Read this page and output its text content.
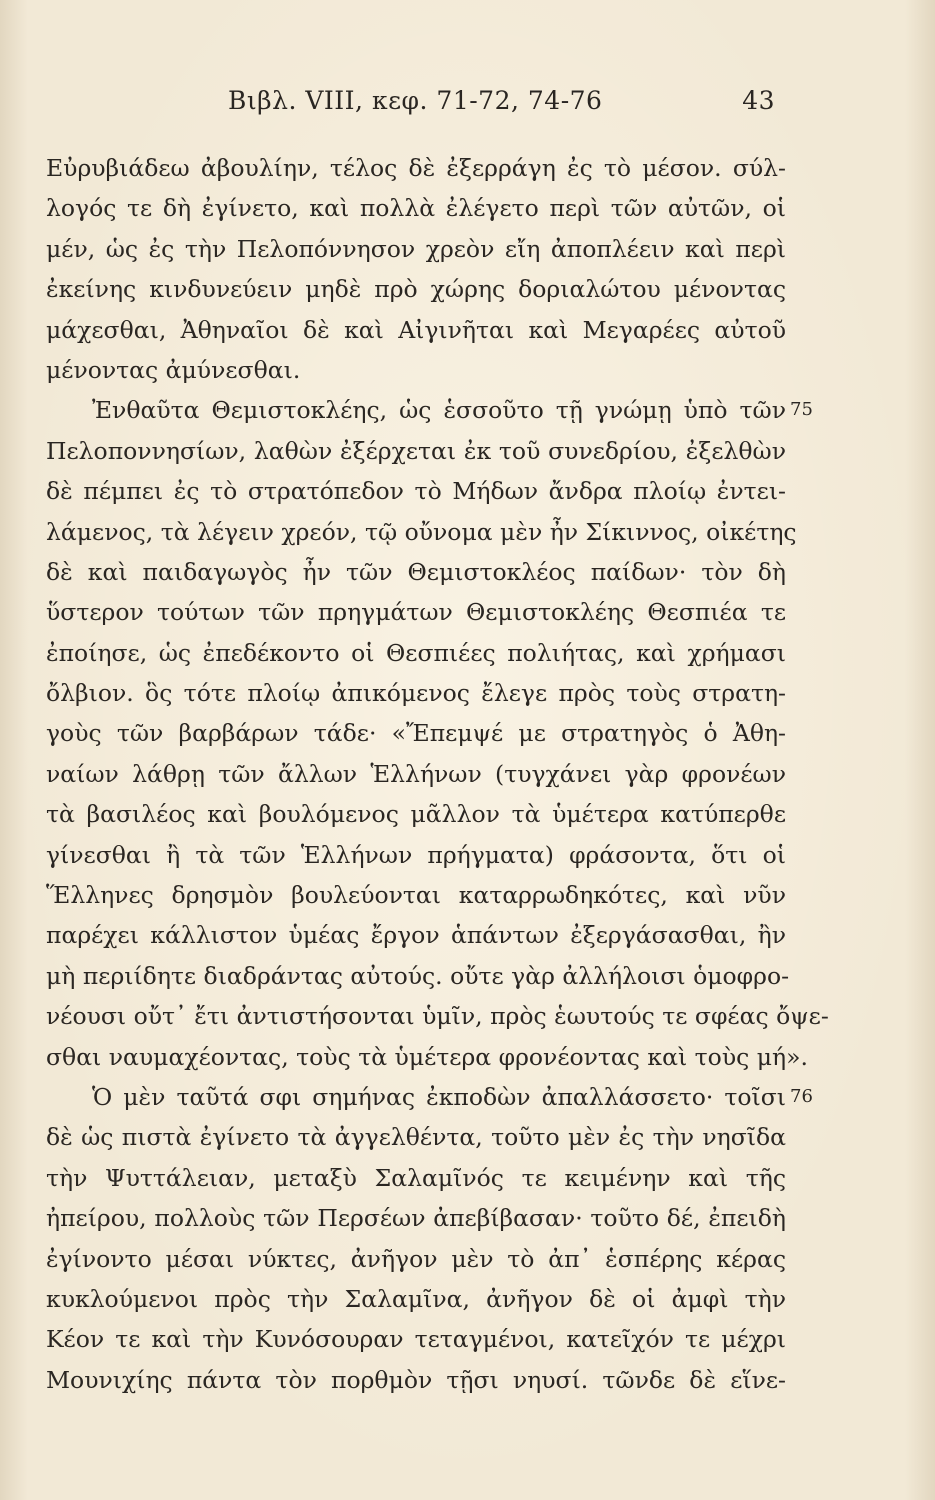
Βιβλ. VIII, κεφ. 71-72, 74-76	43
Εὐρυβιάδεω ἀβουλίην, τέλος δὲ ἐξερράγη ἐς τὸ μέσον. σύλ-
λογός τε δὴ ἐγίνετο, καὶ πολλὰ ἐλέγετο περὶ τῶν αὐτῶν, οἱ
μέν, ὡς ἐς τὴν Πελοπόννησον χρεὸν εἴη ἀποπλέειν καὶ περὶ
ἐκείνης κινδυνεύειν μηδὲ πρὸ χώρης δοριαλώτου μένοντας
μάχεσθαι, Ἀθηναῖοι δὲ καὶ Αἰγινῆται καὶ Μεγαρέες αὐτοῦ
μένοντας ἀμύνεσθαι.
Ἐνθαῦτα Θεμιστοκλέης, ὡς ἑσσοῦτο τῇ γνώμῃ ὑπὸ τῶν
Πελοποννησίων, λαθὼν ἐξέρχεται ἐκ τοῦ συνεδρίου, ἐξελθὼν
δὲ πέμπει ἐς τὸ στρατόπεδον τὸ Μήδων ἄνδρα πλοίῳ ἐντει-
λάμενος, τὰ λέγειν χρεόν, τῷ οὔνομα μὲν ἦν Σίκιννος, οἰκέτης
δὲ καὶ παιδαγωγὸς ἦν τῶν Θεμιστοκλέος παίδων· τὸν δὴ
ὕστερον τούτων τῶν πρηγμάτων Θεμιστοκλέης Θεσπιέα τε
ἐποίησε, ὡς ἐπεδέκοντο οἱ Θεσπιέες πολιήτας, καὶ χρήμασι
ὄλβιον. ὃς τότε πλοίῳ ἀπικόμενος ἔλεγε πρὸς τοὺς στρατη-
γοὺς τῶν βαρβάρων τάδε· «Ἔπεμψέ με στρατηγὸς ὁ Ἀθη-
ναίων λάθρῃ τῶν ἄλλων Ἑλλήνων (τυγχάνει γὰρ φρονέων
τὰ βασιλέος καὶ βουλόμενος μᾶλλον τὰ ὑμέτερα κατύπερθε
γίνεσθαι ἢ τὰ τῶν Ἑλλήνων πρήγματα) φράσοντα, ὅτι οἱ
Ἕλληνες δρησμὸν βουλεύονται καταρρωδηκότες, καὶ νῦν
παρέχει κάλλιστον ὑμέας ἔργον ἁπάντων ἐξεργάσασθαι, ἢν
μὴ περιίδητε διαδράντας αὐτούς. οὔτε γὰρ ἀλλήλοισι ὁμοφρο-
νέουσι οὔτ᾽ ἔτι ἀντιστήσονται ὑμῖν, πρὸς ἑωυτούς τε σφέας ὄψε-
σθαι ναυμαχέοντας, τοὺς τὰ ὑμέτερα φρονέοντας καὶ τοὺς μή».
Ὁ μὲν ταῦτά σφι σημήνας ἐκποδὼν ἀπαλλάσσετο· τοῖσι
δὲ ὡς πιστὰ ἐγίνετο τὰ ἀγγελθέντα, τοῦτο μὲν ἐς τὴν νησῖδα
τὴν Ψυττάλειαν, μεταξὺ Σαλαμῖνός τε κειμένην καὶ τῆς
ἠπείρου, πολλοὺς τῶν Περσέων ἀπεβίβασαν· τοῦτο δέ, ἐπειδὴ
ἐγίνοντο μέσαι νύκτες, ἀνῆγον μὲν τὸ ἀπ᾽ ἑσπέρης κέρας
κυκλούμενοι πρὸς τὴν Σαλαμῖνα, ἀνῆγον δὲ οἱ ἀμφὶ τὴν
Κέον τε καὶ τὴν Κυνόσουραν τεταγμένοι, κατεῖχόν τε μέχρι
Μουνιχίης πάντα τὸν πορθμὸν τῇσι νηυσί. τῶνδε δὲ εἵνε-
75
76
